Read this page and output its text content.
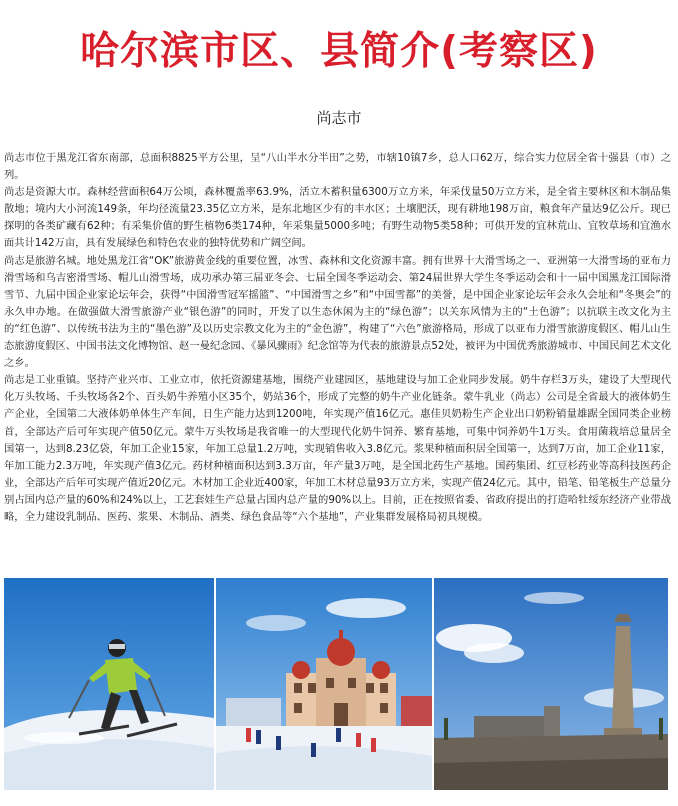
哈尔滨市区、县简介(考察区)
尚志市

尚志市位于黑龙江省东南部，总面积8825平方公里，呈“八山半水分半田”之势，市辖10镇7乡，总人口62万，综合实力位居全省十强县（市）之列。

尚志是资源大市。森林经营面积64万公顷，森林覆盖率63.9%，活立木蓄积量6300万立方米，年采伐量50万立方米，是全省主要林区和木制品集散地；境内大小河流149条，年均径流量23.35亿立方米，是东北地区少有的丰水区；土壤肥沃，现有耕地198万亩，粮食年产量达9亿公斤。现已探明的各类矿藏有62种；有采集价值的野生植物6类174种，年采集量5000多吨；有野生动物5类58种；可供开发的宜林荒山、宜牧草场和宜渔水面共计142万亩，具有发展绿色和特色农业的独特优势和广阔空间。

尚志是旅游名城。地处黑龙江省“OK”旅游黄金线的重要位置，冰雪、森林和文化资源丰富。拥有世界十大滑雪场之一、亚洲第一大滑雪场的亚布力滑雪场和乌吉密滑雪场、帽儿山滑雪场，成功承办第三届亚冬会、七届全国冬季运动会、第24届世界大学生冬季运动会和十一届中国黑龙江国际滑雪节、九届中国企业家论坛年会，获得“中国滑雪冠军摇篮”、“中国滑雪之乡”和“中国雪都”的美誉，是中国企业家论坛年会永久会址和“冬奥会”的永久申办地。在做强做大滑雪旅游产业“银色游”的同时，开发了以生态休闲为主的“绿色游”；以关东风情为主的“土色游”；以抗联主改文化为主的“红色游”、以传统书法为主的“墨色游”及以历史宗教文化为主的“金色游”，构建了“六色”旅游格局，形成了以亚布力滑雪旅游度假区、帽儿山生态旅游度假区、中国书法文化博物馆、赵一曼纪念园、《暴风骤雨》纪念馆等为代表的旅游景点52处，被评为中国优秀旅游城市、中国民间艺术文化之乡。

尚志是工业重镇。坚持产业兴市、工业立市，依托资源建基地，围绕产业建园区，基地建设与加工企业同步发展。奶牛存栏3万头，建设了大型现代化万头牧场、千头牧场各2个、百头奶牛养殖小区35个，奶站36个，形成了完整的奶牛产业化链条。蒙牛乳业（尚志）公司是全省最大的液体奶生产企业，全国第二大液体奶单体生产车间，日生产能力达到1200吨，年实现产值16亿元。惠佳贝奶粉生产企业出口奶粉销量雄踞全国同类企业榜首，全部达产后可年实现产值50亿元。蒙牛万头牧场是我省唯一的大型现代化奶牛饲养、繁育基地，可集中饲养奶牛1万头。食用菌栽培总量居全国第一，达到8.23亿袋，年加工企业15家，年加工总量1.2万吨，实现销售收入3.8亿元。浆果种植面积居全国第一，达到7万亩，加工企业11家，年加工能力2.3万吨，年实现产值3亿元。药材种植面积达到3.3万亩，年产量3万吨，是全国北药生产基地。国药集团、红豆杉药业等高科技医药企业，全部达产后年可实现产值近20亿元。木材加工企业近400家，年加工木材总量93万立方米，实现产值24亿元。其中，铅笔、铅笔板生产总量分别占国内总产量的60%和24%以上，工艺套娃生产总量占国内总产量的90%以上。目前，正在按照省委、省政府提出的打造哈牡绥东经济产业带战略，全力建设乳制品、医药、浆果、木制品、酒类、绿色食品等“六个基地”，产业集群发展格局初具规模。
